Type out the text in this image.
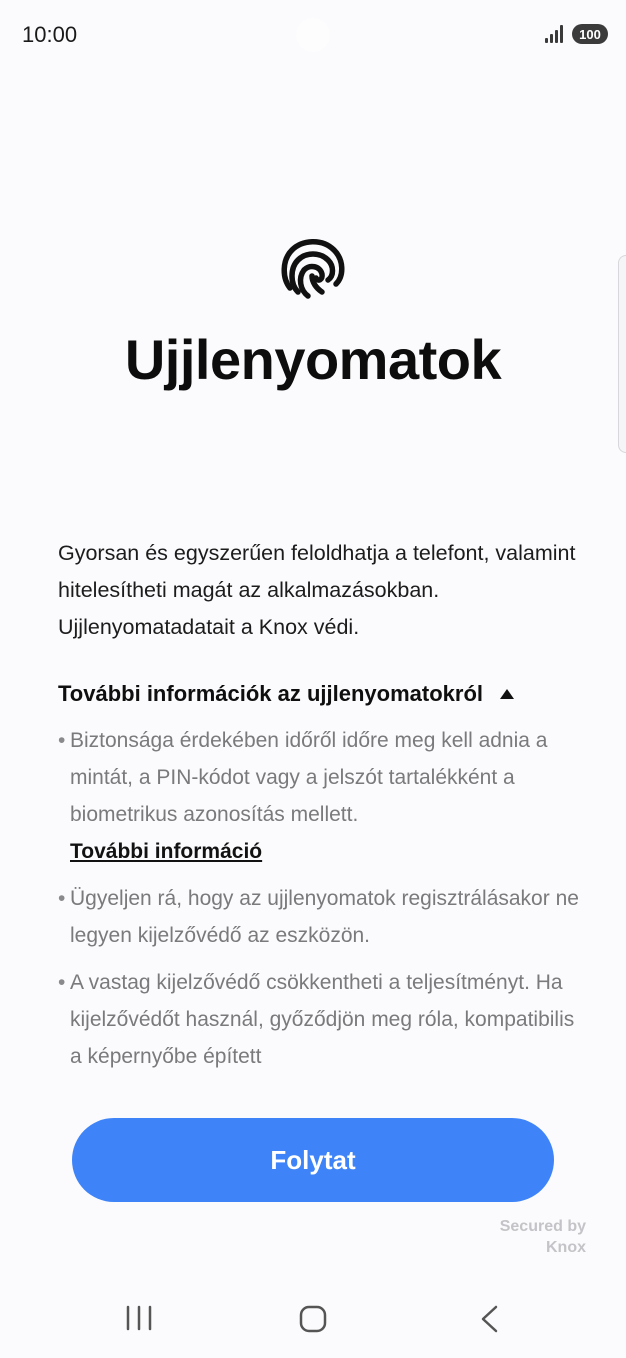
10:00	100
Ujjlenyomatok

Gyorsan és egyszerűen feloldhatja a telefont, valamint hitelesítheti magát az alkalmazásokban. Ujjlenyomatadatait a Knox védi.

További információk az ujjlenyomatokról
• Biztonsága érdekében időről időre meg kell adnia a mintát, a PIN-kódot vagy a jelszót tartalékként a biometrikus azonosítás mellett.
További információ
• Ügyeljen rá, hogy az ujjlenyomatok regisztrálásakor ne legyen kijelzővédő az eszközön.
• A vastag kijelzővédő csökkentheti a teljesítményt. Ha kijelzővédőt használ, győződjön meg róla, kompatibilis a képernyőbe épített
Folytat
Secured by
Knox
